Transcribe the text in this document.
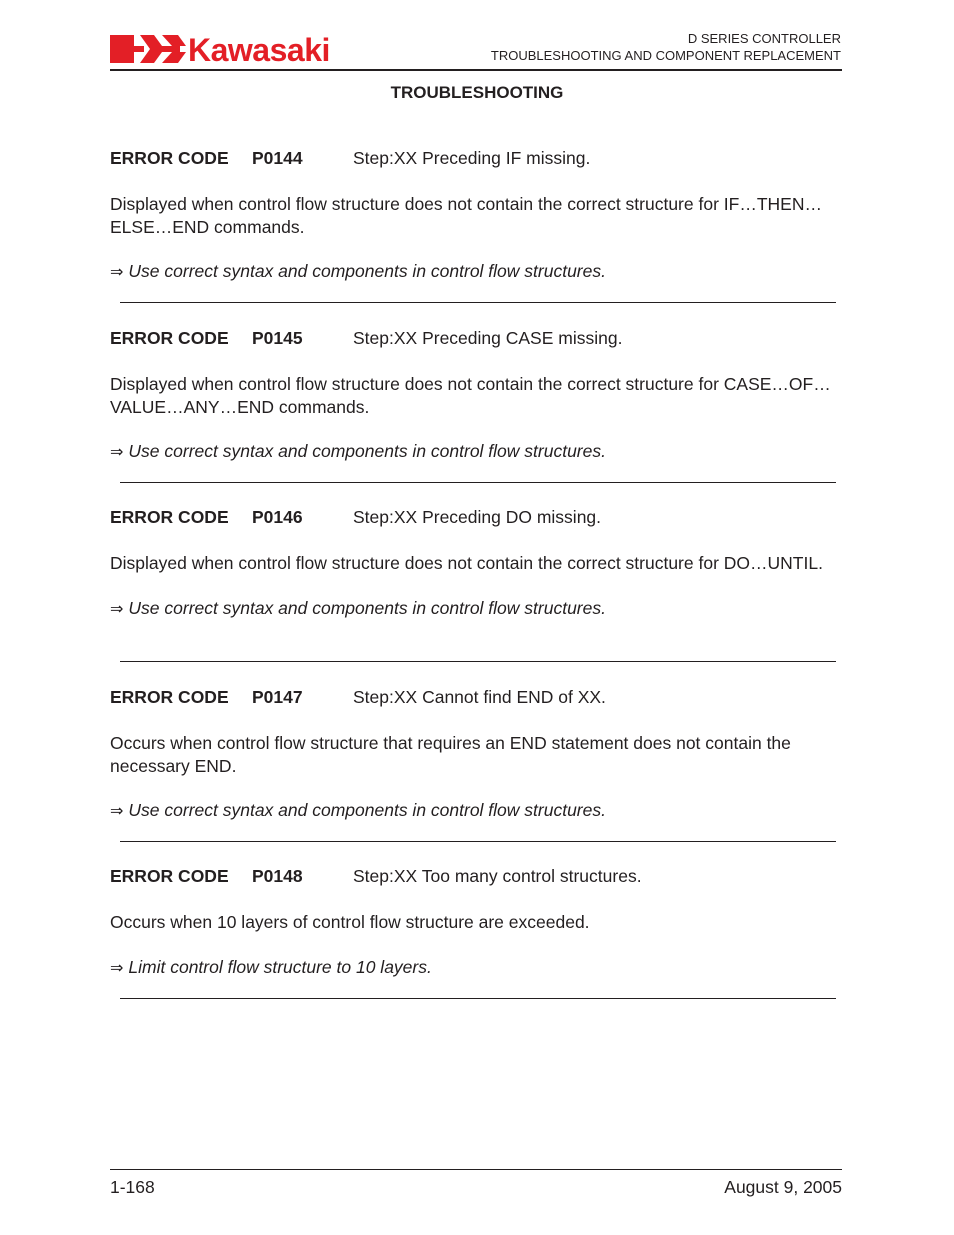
Kawasaki	D SERIES CONTROLLER
TROUBLESHOOTING AND COMPONENT REPLACEMENT
TROUBLESHOOTING
ERROR CODE P0144	Step:XX Preceding IF missing.
Displayed when control flow structure does not contain the correct structure for IF…THEN… ELSE…END commands.
⇒ Use correct syntax and components in control flow structures.
ERROR CODE P0145	Step:XX Preceding CASE missing.
Displayed when control flow structure does not contain the correct structure for CASE…OF… VALUE…ANY…END commands.
⇒ Use correct syntax and components in control flow structures.
ERROR CODE P0146	Step:XX Preceding DO missing.
Displayed when control flow structure does not contain the correct structure for DO…UNTIL.
⇒ Use correct syntax and components in control flow structures.
ERROR CODE P0147	Step:XX Cannot find END of XX.
Occurs when control flow structure that requires an END statement does not contain the necessary END.
⇒ Use correct syntax and components in control flow structures.
ERROR CODE P0148	Step:XX Too many control structures.
Occurs when 10 layers of control flow structure are exceeded.
⇒ Limit control flow structure to 10 layers.
1-168	August 9, 2005
